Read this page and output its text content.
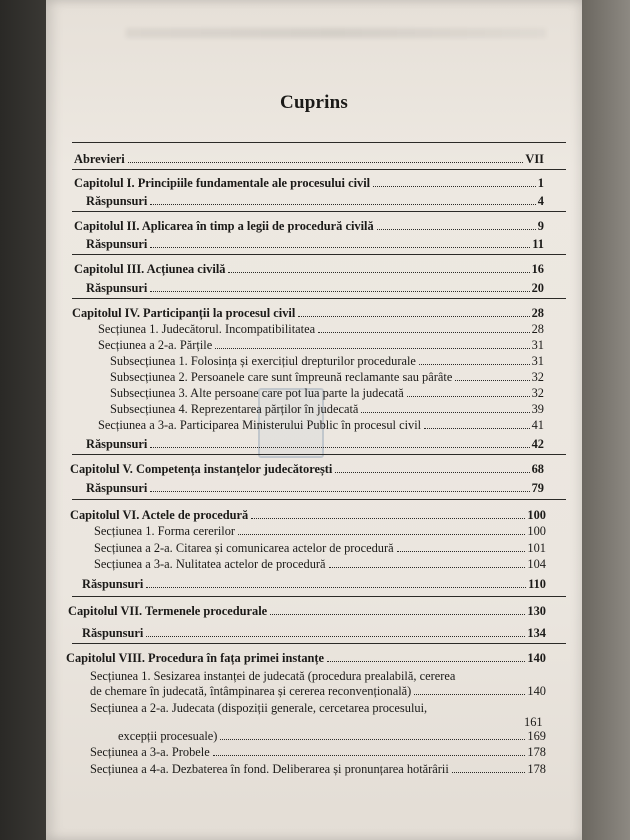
Cuprins
Abrevieri	VII
Capitolul I. Principiile fundamentale ale procesului civil	1
Răspunsuri	4
Capitolul II. Aplicarea în timp a legii de procedură civilă	9
Răspunsuri	11
Capitolul III. Acțiunea civilă	16
Răspunsuri	20
Capitolul IV. Participanții la procesul civil	28
Secțiunea 1. Judecătorul. Incompatibilitatea	28
Secțiunea a 2-a. Părțile	31
Subsecțiunea 1. Folosința și exercițiul drepturilor procedurale	31
Subsecțiunea 2. Persoanele care sunt împreună reclamante sau pârâte	32
Subsecțiunea 3. Alte persoane care pot lua parte la judecată	32
Subsecțiunea 4. Reprezentarea părților în judecată	39
Secțiunea a 3-a. Participarea Ministerului Public în procesul civil	41
Răspunsuri	42
Capitolul V. Competența instanțelor judecătorești	68
Răspunsuri	79
Capitolul VI. Actele de procedură	100
Secțiunea 1. Forma cererilor	100
Secțiunea a 2-a. Citarea și comunicarea actelor de procedură	101
Secțiunea a 3-a. Nulitatea actelor de procedură	104
Răspunsuri	110
Capitolul VII. Termenele procedurale	130
Răspunsuri	134
Capitolul VIII. Procedura în fața primei instanțe	140
Secțiunea 1. Sesizarea instanței de judecată (procedura prealabilă, cererea
de chemare în judecată, întâmpinarea și cererea reconvențională)	140
Secțiunea a 2-a. Judecata (dispoziții generale, cercetarea procesului,
161
excepții procesuale)	169
Secțiunea a 3-a. Probele	178
Secțiunea a 4-a. Dezbaterea în fond. Deliberarea și pronunțarea hotărârii	178
